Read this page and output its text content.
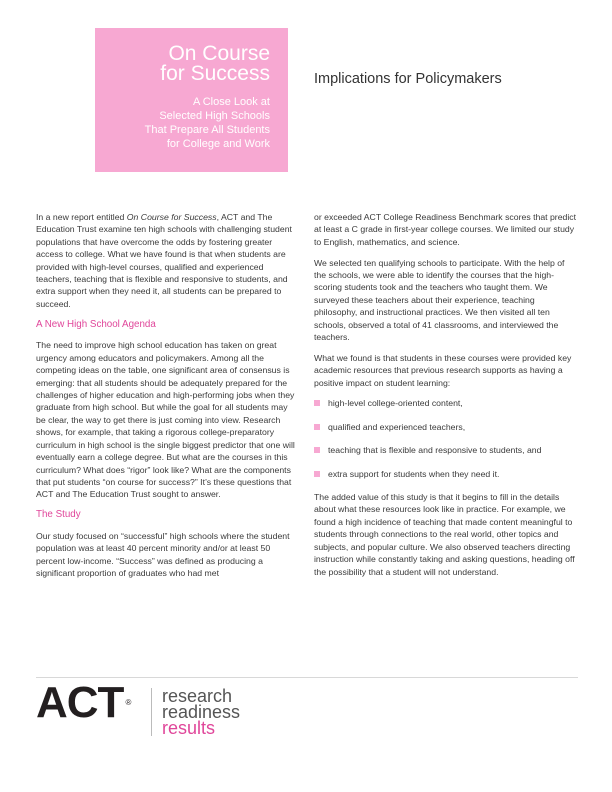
On Course
for Success
A Close Look at
Selected High Schools
That Prepare All Students
for College and Work
Implications for Policymakers

In a new report entitled On Course for Success, ACT and The Education Trust examine ten high schools with challenging student populations that have overcome the odds by fostering greater access to college. What we have found is that when students are provided with high-level courses, qualified and experienced teachers, teaching that is flexible and responsive to students, and extra support when they need it, all students can be prepared to succeed.

A New High School Agenda

The need to improve high school education has taken on great urgency among educators and policymakers. Among all the competing ideas on the table, one significant area of consensus is emerging: that all students should be adequately prepared for the challenges of higher education and high-performing jobs when they graduate from high school. But while the goal for all students may be clear, the way to get there is just coming into view. Research shows, for example, that taking a rigorous college-preparatory curriculum in high school is the single biggest predictor that one will eventually earn a college degree. But what are the courses in this curriculum? What does “rigor” look like? What are the components that put students “on course for success?” It’s these questions that ACT and The Education Trust sought to answer.

The Study

Our study focused on “successful” high schools where the student population was at least 40 percent minority and/or at least 50 percent low-income. “Success” was defined as producing a significant proportion of graduates who had met

or exceeded ACT College Readiness Benchmark scores that predict at least a C grade in first-year college courses. We limited our study to English, mathematics, and science.

We selected ten qualifying schools to participate. With the help of the schools, we were able to identify the courses that the high-scoring students took and the teachers who taught them. We surveyed these teachers about their experience, teaching philosophy, and instructional practices. We then visited all ten schools, observed a total of 41 classrooms, and interviewed the teachers.

What we found is that students in these courses were provided key academic resources that previous research supports as having a positive impact on student learning:

high-level college-oriented content,
qualified and experienced teachers,
teaching that is flexible and responsive to students, and
extra support for students when they need it.

The added value of this study is that it begins to fill in the details about what these resources look like in practice. For example, we found a high incidence of teaching that made content meaningful to students through connections to the real world, other topics and subjects, and popular culture. We also observed teachers directing instruction while constantly taking and asking questions, heading off the possibility that a student will not understand.

ACT ® research
readiness
results
